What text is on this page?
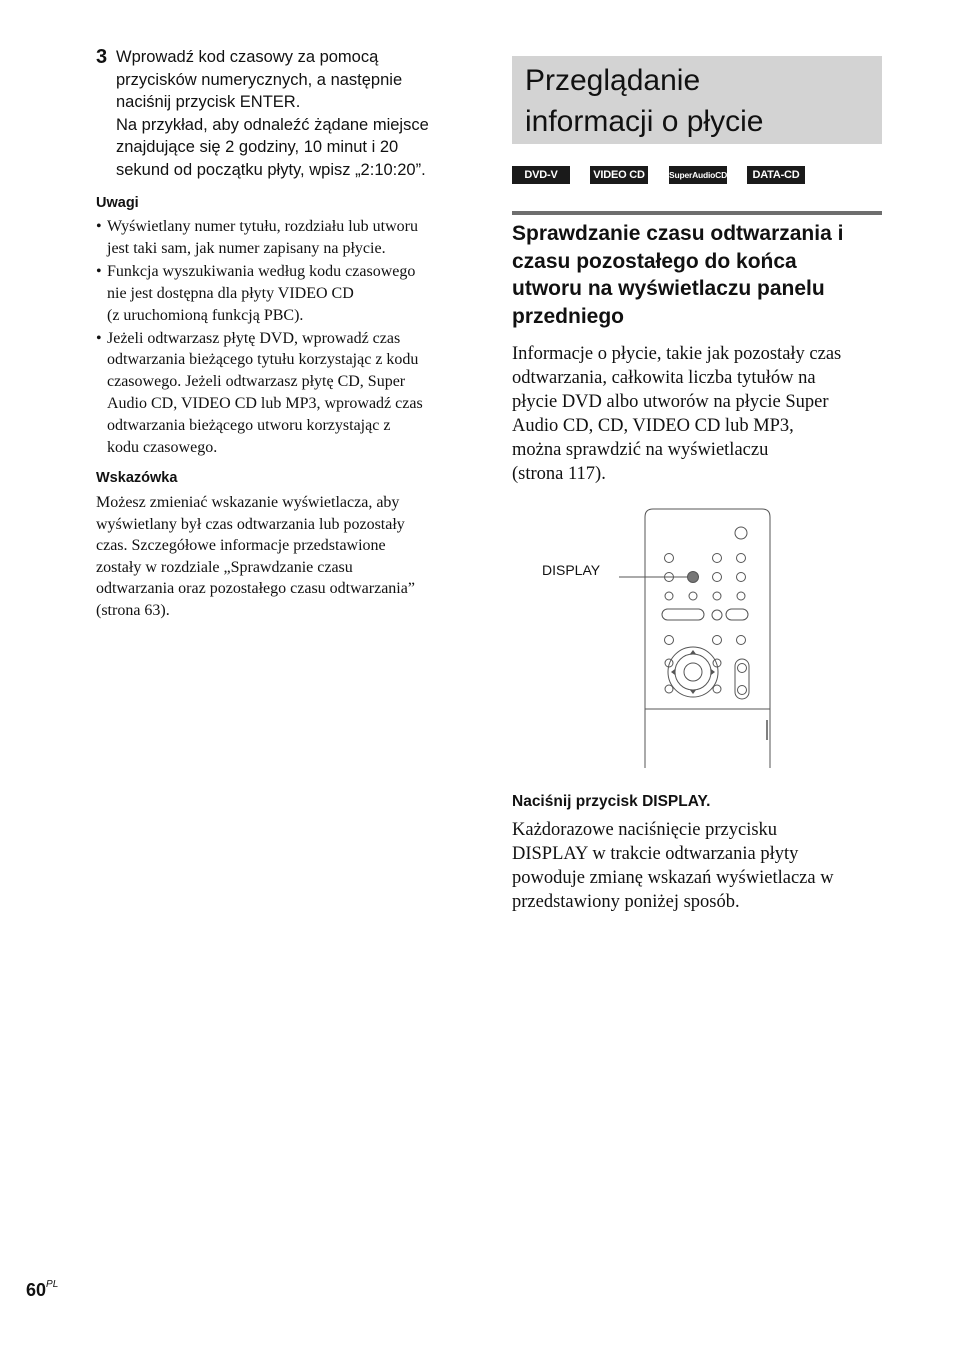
3 Wprowadź kod czasowy za pomocą

przycisków numerycznych, a następnie

naciśnij przycisk ENTER.

Na przykład, aby odnaleźć żądane miejsce

znajdujące się 2 godziny, 10 minut i 20

sekund od początku płyty, wpisz „2:10:20”.

Uwagi
• Wyświetlany numer tytułu, rozdziału lub utworu
jest taki sam, jak numer zapisany na płycie.
• Funkcja wyszukiwania według kodu czasowego
nie jest dostępna dla płyty VIDEO CD
(z uruchomioną funkcją PBC).
• Jeżeli odtwarzasz płytę DVD, wprowadź czas
odtwarzania bieżącego tytułu korzystając z kodu
czasowego. Jeżeli odtwarzasz płytę CD, Super
Audio CD, VIDEO CD lub MP3, wprowadź czas
odtwarzania bieżącego utworu korzystając z
kodu czasowego.
Wskazówka
Możesz zmieniać wskazanie wyświetlacza, aby
wyświetlany był czas odtwarzania lub pozostały
czas. Szczegółowe informacje przedstawione
zostały w rozdziale „Sprawdzanie czasu
odtwarzania oraz pozostałego czasu odtwarzania”
(strona 63).
Przeglądanie
informacji o płycie
DVD-V	VIDEO CD	SuperAudioCD	DATA-CD
Sprawdzanie czasu odtwarzania i
czasu pozostałego do końca
utworu na wyświetlaczu panelu
przedniego
Informacje o płycie, takie jak pozostały czas
odtwarzania, całkowita liczba tytułów na
płycie DVD albo utworów na płycie Super
Audio CD, CD, VIDEO CD lub MP3,
można sprawdzić na wyświetlaczu
(strona 117).
DISPLAY
Naciśnij przycisk DISPLAY.
Każdorazowe naciśnięcie przycisku
DISPLAY w trakcie odtwarzania płyty
powoduje zmianę wskazań wyświetlacza w
przedstawiony poniżej sposób.
$60^{PL}$
